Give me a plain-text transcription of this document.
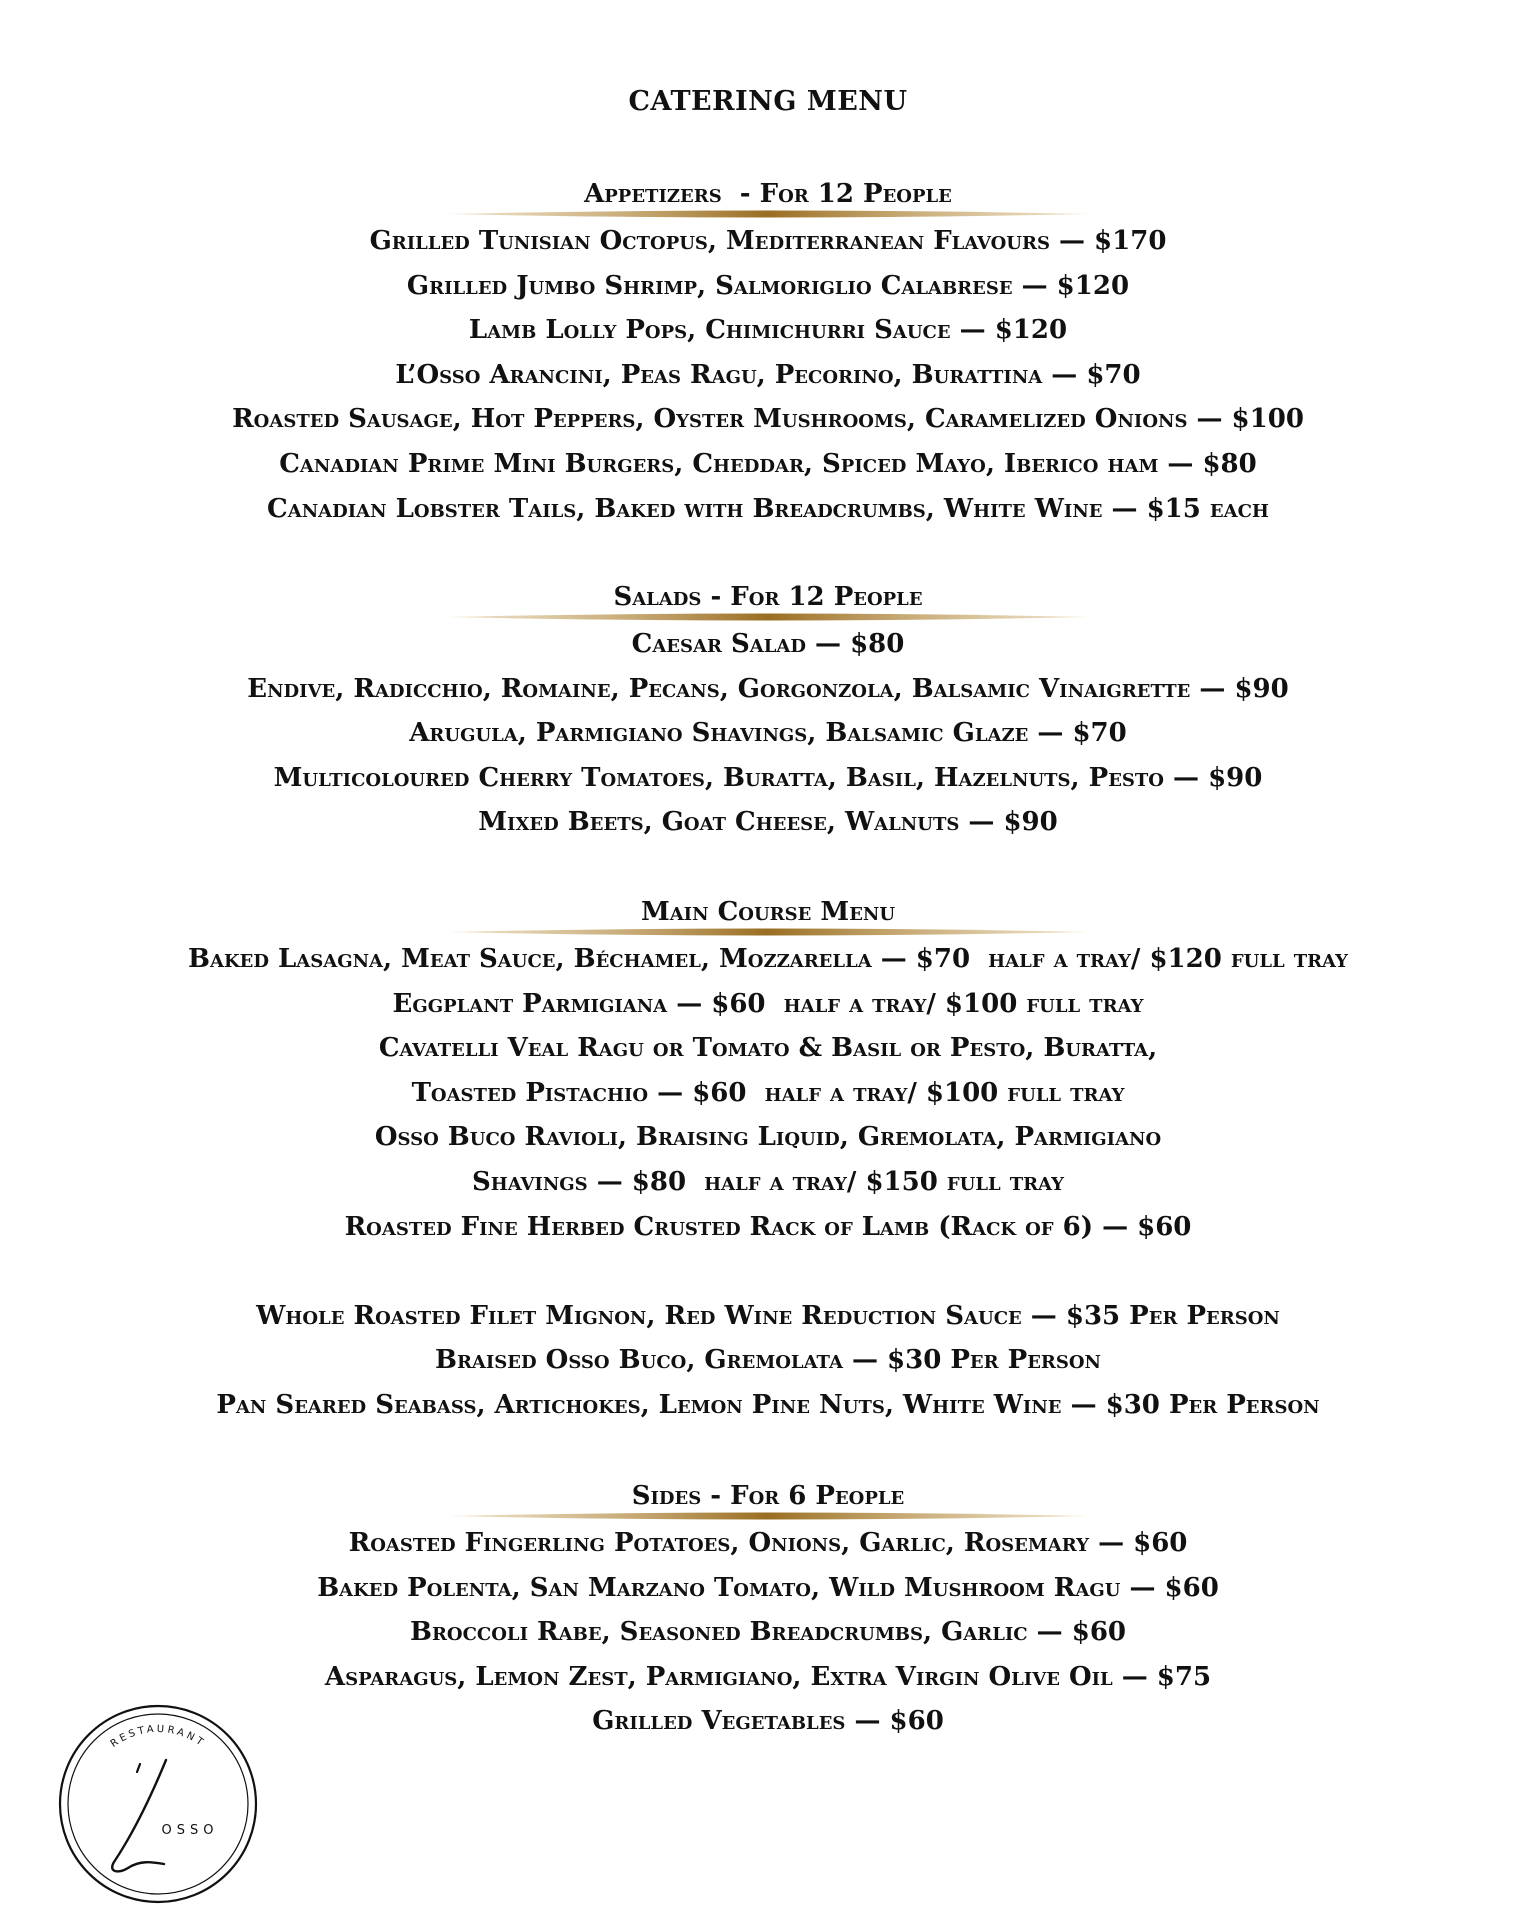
CATERING MENU
Appetizers  - For 12 People
Grilled Tunisian Octopus, Mediterranean Flavours — $170
Grilled Jumbo Shrimp, Salmoriglio Calabrese — $120
Lamb Lolly Pops, Chimichurri Sauce — $120
L’Osso Arancini, Peas Ragu, Pecorino, Burattina — $70
Roasted Sausage, Hot Peppers, Oyster Mushrooms, Caramelized Onions — $100
Canadian Prime Mini Burgers, Cheddar, Spiced Mayo, Iberico ham — $80
Canadian Lobster Tails, Baked with Breadcrumbs, White Wine — $15 each
Salads - For 12 People
Caesar Salad — $80
Endive, Radicchio, Romaine, Pecans, Gorgonzola, Balsamic Vinaigrette — $90
Arugula, Parmigiano Shavings, Balsamic Glaze — $70
Multicoloured Cherry Tomatoes, Buratta, Basil, Hazelnuts, Pesto — $90
Mixed Beets, Goat Cheese, Walnuts — $90
Main Course Menu
Baked Lasagna, Meat Sauce, Béchamel, Mozzarella — $70  half a tray/ $120 full tray
Eggplant Parmigiana — $60  half a tray/ $100 full tray
Cavatelli Veal Ragu or Tomato & Basil or Pesto, Buratta,
Toasted Pistachio — $60  half a tray/ $100 full tray
Osso Buco Ravioli, Braising Liquid, Gremolata, Parmigiano
Shavings — $80  half a tray/ $150 full tray
Roasted Fine Herbed Crusted Rack of Lamb (Rack of 6) — $60
Whole Roasted Filet Mignon, Red Wine Reduction Sauce — $35 Per Person
Braised Osso Buco, Gremolata — $30 Per Person
Pan Seared Seabass, Artichokes, Lemon Pine Nuts, White Wine — $30 Per Person
Sides - For 6 People
Roasted Fingerling Potatoes, Onions, Garlic, Rosemary — $60
Baked Polenta, San Marzano Tomato, Wild Mushroom Ragu — $60
Broccoli Rabe, Seasoned Breadcrumbs, Garlic — $60
Asparagus, Lemon Zest, Parmigiano, Extra Virgin Olive Oil — $75
Grilled Vegetables — $60
RESTAURANT
OSSO
